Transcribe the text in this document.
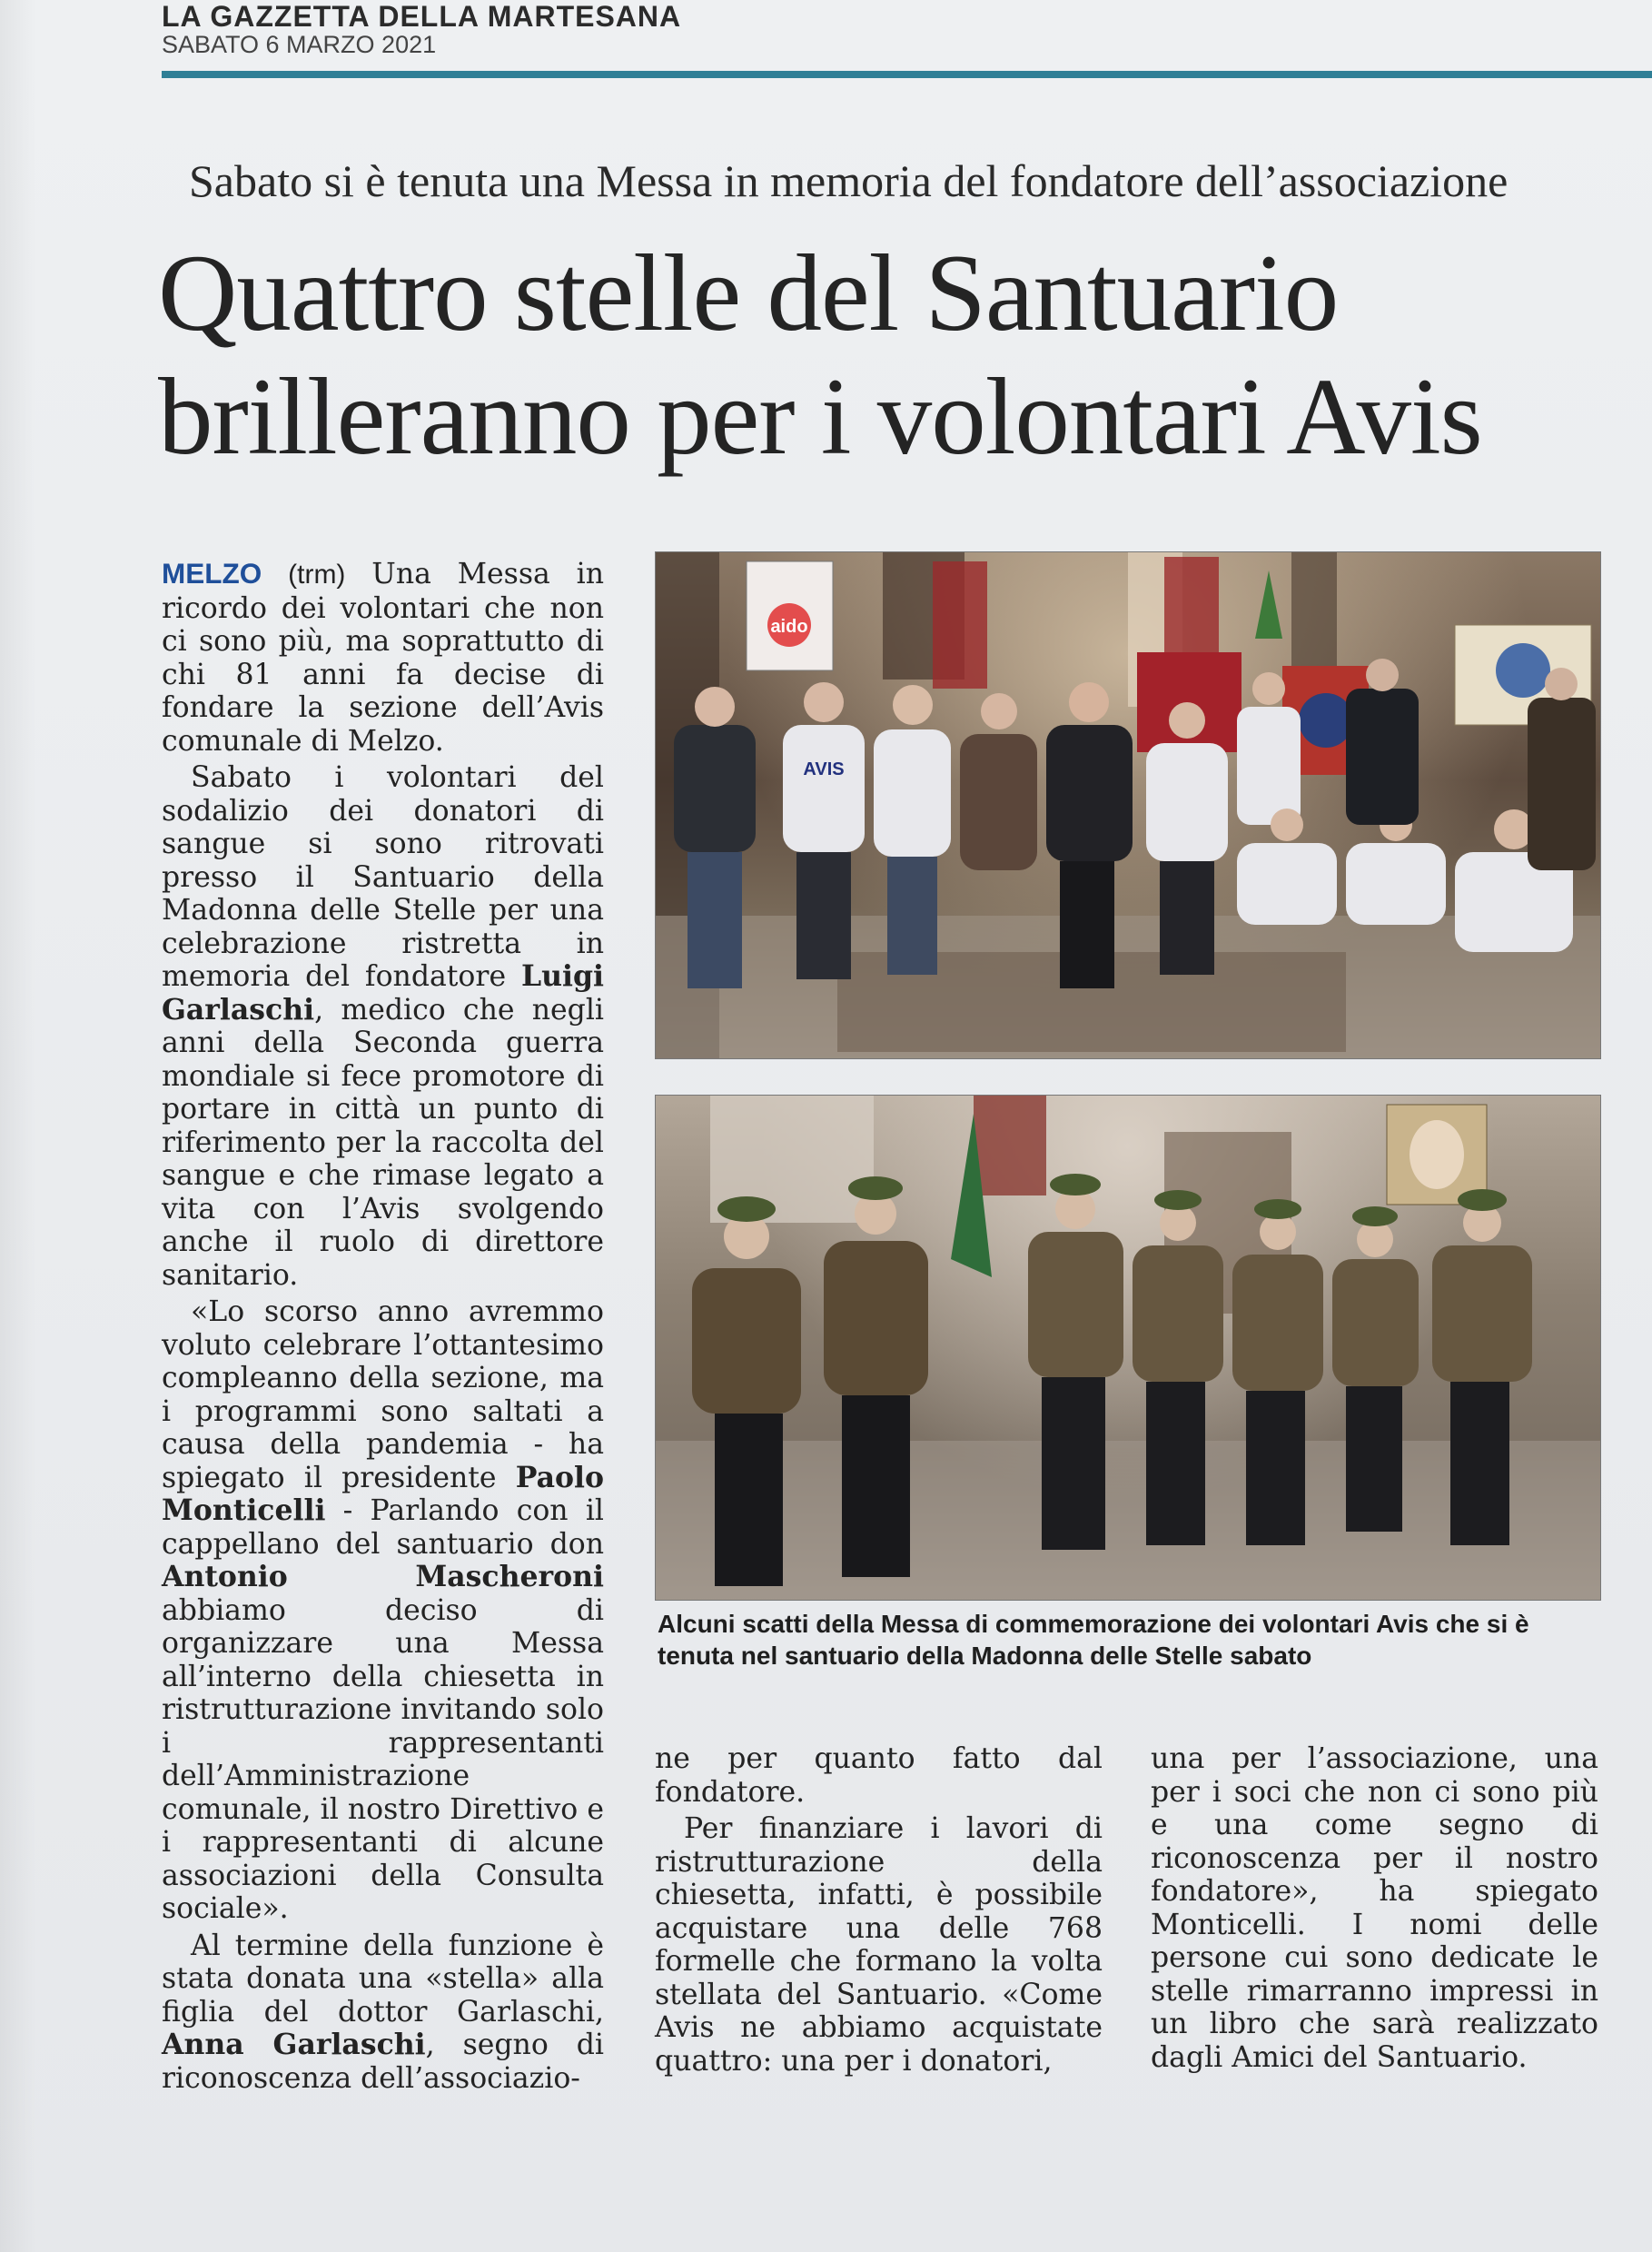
LA GAZZETTA DELLA MARTESANA
SABATO 6 MARZO 2021
Sabato si è tenuta una Messa in memoria del fondatore dell’associazione
Quattro stelle del Santuario
brilleranno per i volontari Avis

MELZO (trm) Una Messa in ricordo dei volontari che non ci sono più, ma soprattutto di chi 81 anni fa decise di fondare la sezione dell’Avis comunale di Melzo.

Sabato i volontari del sodalizio dei donatori di sangue si sono ritrovati presso il Santuario della Madonna delle Stelle per una celebrazione ristretta in memoria del fondatore Luigi Garlaschi, medico che negli anni della Seconda guerra mondiale si fece promotore di portare in città un punto di riferimento per la raccolta del sangue e che rimase legato a vita con l’Avis svolgendo anche il ruolo di direttore sanitario.

«Lo scorso anno avremmo voluto celebrare l’ottantesimo compleanno della sezione, ma i programmi sono saltati a causa della pandemia - ha spiegato il presidente Paolo Monticelli - Parlando con il cappellano del santuario don Antonio Mascheroni abbiamo deciso di organizzare una Messa all’interno della chiesetta in ristrutturazione invitando solo i rappresentanti dell’Amministrazione comunale, il nostro Direttivo e i rappresentanti di alcune associazioni della Consulta sociale».

Al termine della funzione è stata donata una «stella» alla figlia del dottor Garlaschi, Anna Garlaschi, segno di riconoscenza dell’associazio-

aido
AVIS
Alcuni scatti della Messa di commemorazione dei volontari Avis che si è tenuta nel santuario della Madonna delle Stelle sabato

ne per quanto fatto dal fondatore.

Per finanziare i lavori di ristrutturazione della chiesetta, infatti, è possibile acquistare una delle 768 formelle che formano la volta stellata del Santuario. «Come Avis ne abbiamo acquistate quattro: una per i donatori,

una per l’associazione, una per i soci che non ci sono più e una come segno di riconoscenza per il nostro fondatore», ha spiegato Monticelli. I nomi delle persone cui sono dedicate le stelle rimarranno impressi in un libro che sarà realizzato dagli Amici del Santuario.
